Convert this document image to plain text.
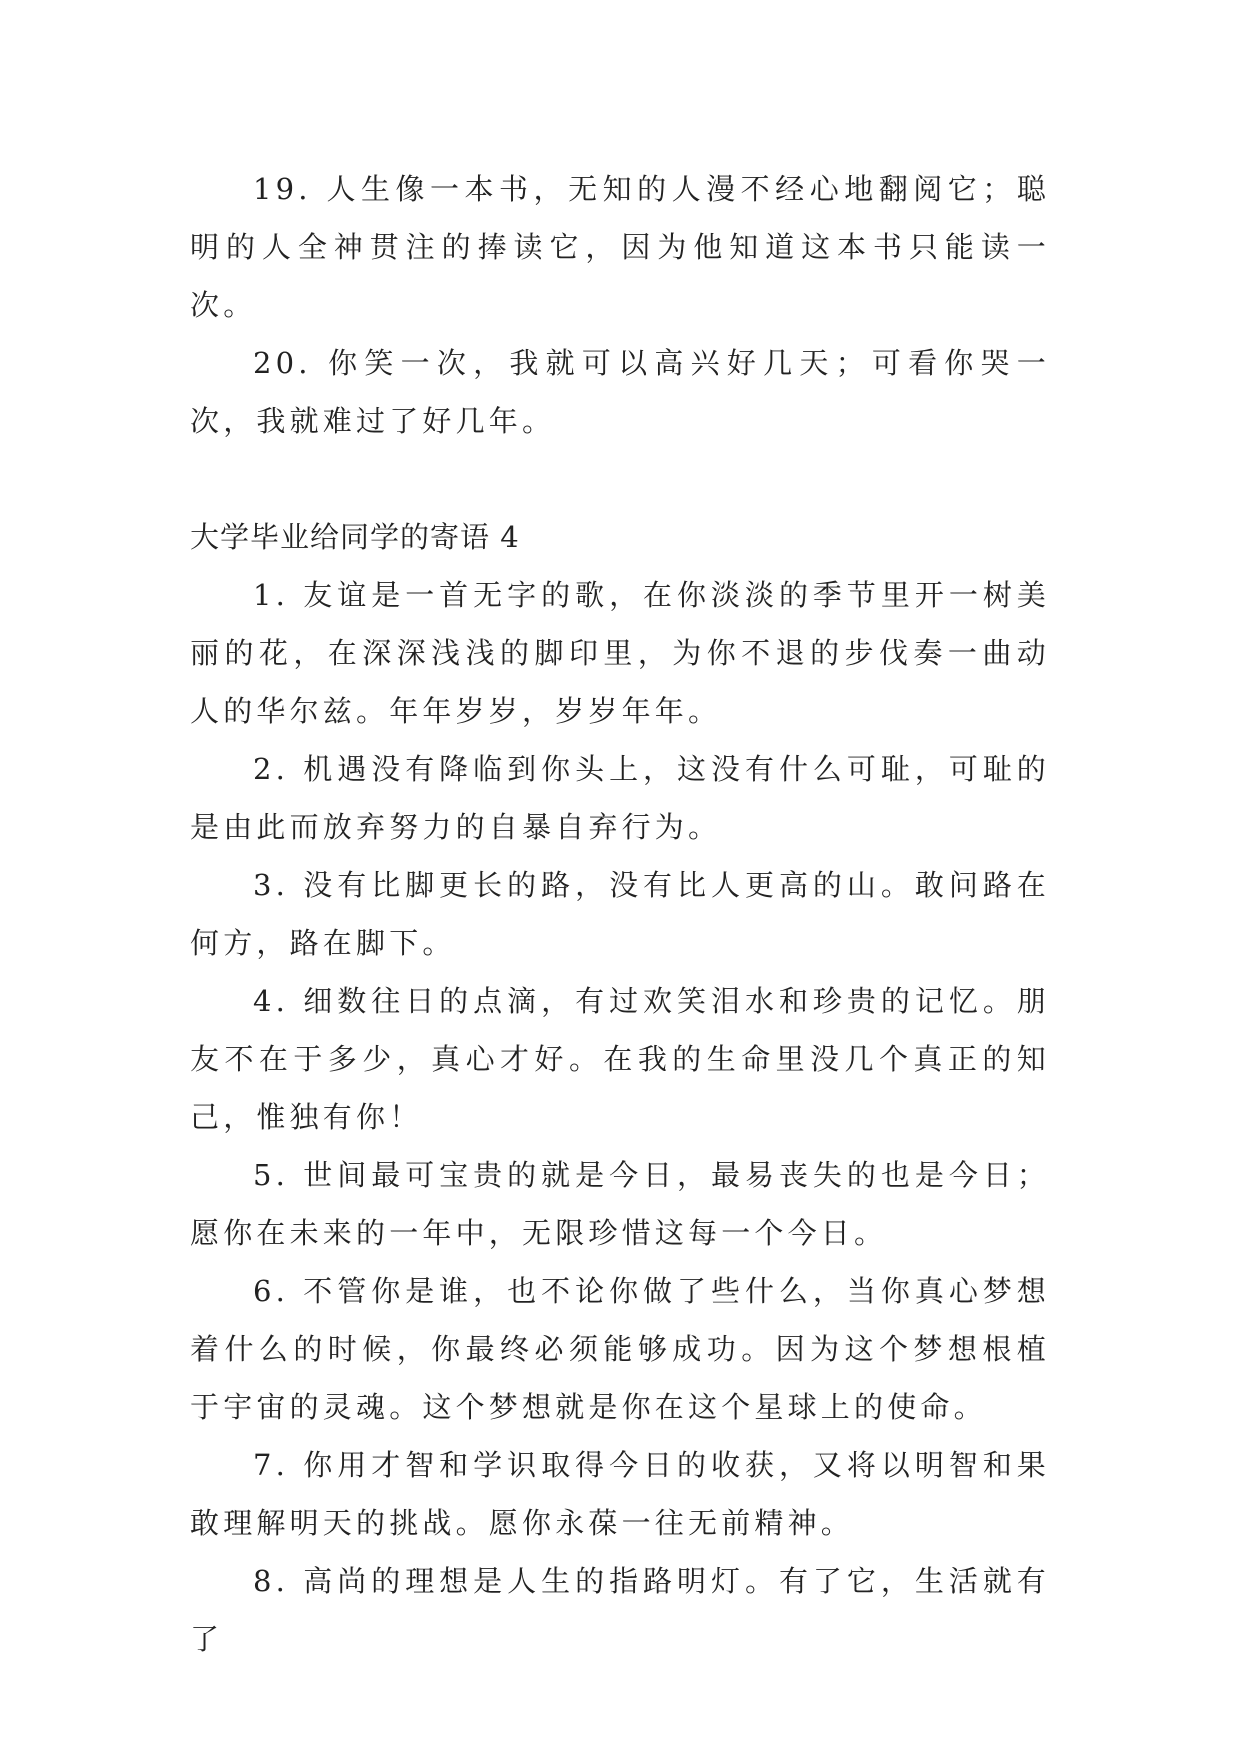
19. 人生像一本书，无知的人漫不经心地翻阅它；聪明的人全神贯注的捧读它，因为他知道这本书只能读一次。

20. 你笑一次，我就可以高兴好几天；可看你哭一次，我就难过了好几年。

大学毕业给同学的寄语 4

1. 友谊是一首无字的歌，在你淡淡的季节里开一树美丽的花，在深深浅浅的脚印里，为你不退的步伐奏一曲动人的华尔兹。年年岁岁，岁岁年年。

2. 机遇没有降临到你头上，这没有什么可耻，可耻的是由此而放弃努力的自暴自弃行为。

3. 没有比脚更长的路，没有比人更高的山。敢问路在何方，路在脚下。

4. 细数往日的点滴，有过欢笑泪水和珍贵的记忆。朋友不在于多少，真心才好。在我的生命里没几个真正的知己，惟独有你！

5. 世间最可宝贵的就是今日，最易丧失的也是今日；愿你在未来的一年中，无限珍惜这每一个今日。

6. 不管你是谁，也不论你做了些什么，当你真心梦想着什么的时候，你最终必须能够成功。因为这个梦想根植于宇宙的灵魂。这个梦想就是你在这个星球上的使命。

7. 你用才智和学识取得今日的收获，又将以明智和果敢理解明天的挑战。愿你永葆一往无前精神。

8. 高尚的理想是人生的指路明灯。有了它，生活就有了
